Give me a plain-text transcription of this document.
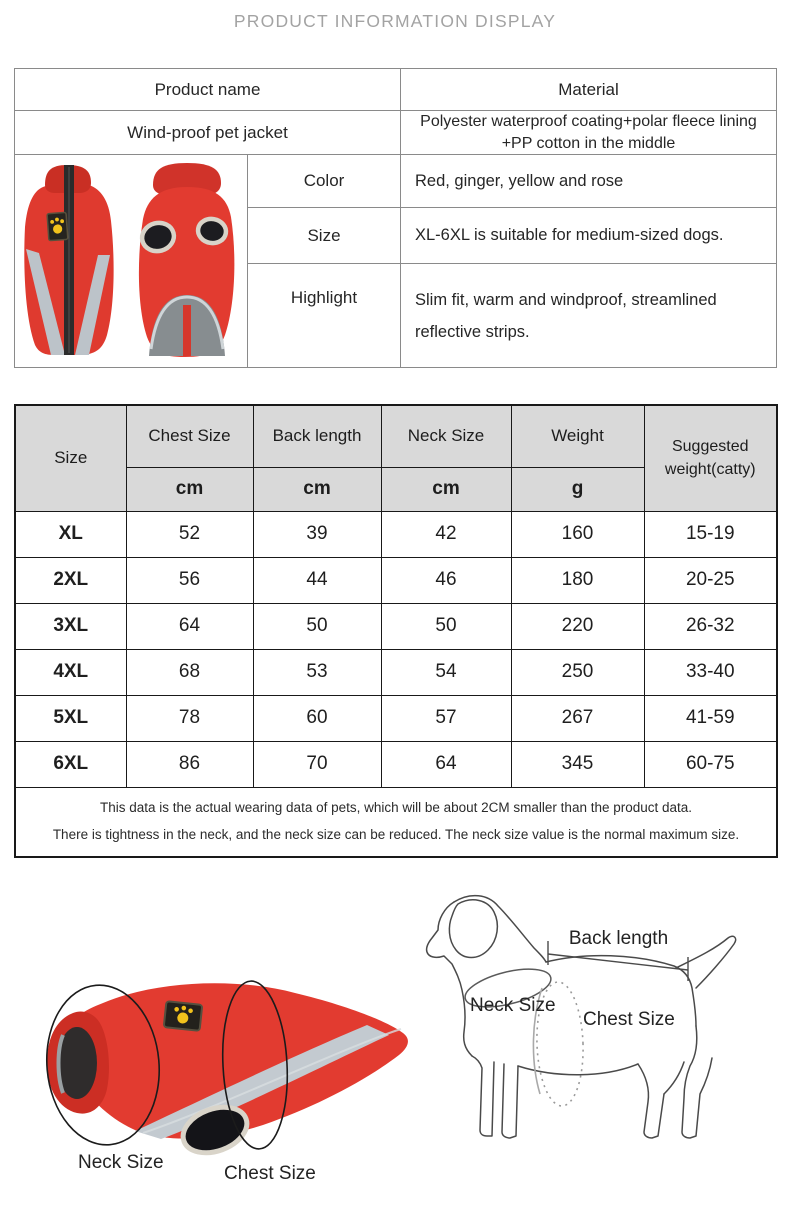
PRODUCT INFORMATION DISPLAY
Product name		Material
Wind-proof pet jacket		Polyester waterproof coating+polar fleece lining
+PP cotton in the middle

	Color	Red, ginger, yellow and rose
	Size	XL-6XL is suitable for medium-sized dogs.
	Highlight	Slim fit, warm and windproof, streamlined reflective strips.
Size	Chest Size	Back length	Neck Size	Weight	Suggested weight(catty)
	cm	cm	cm	g	
XL	52	39	42	160	15-19
2XL	56	44	46	180	20-25
3XL	64	50	50	220	26-32
4XL	68	53	54	250	33-40
5XL	78	60	57	267	41-59
6XL	86	70	64	345	60-75

This data is the actual wearing data of pets, which will be about 2CM smaller than the product data.
There is tightness in the neck, and the neck size can be reduced. The neck size value is the normal maximum size.					
Back length
Neck Size
Chest Size
Neck Size
Chest Size
